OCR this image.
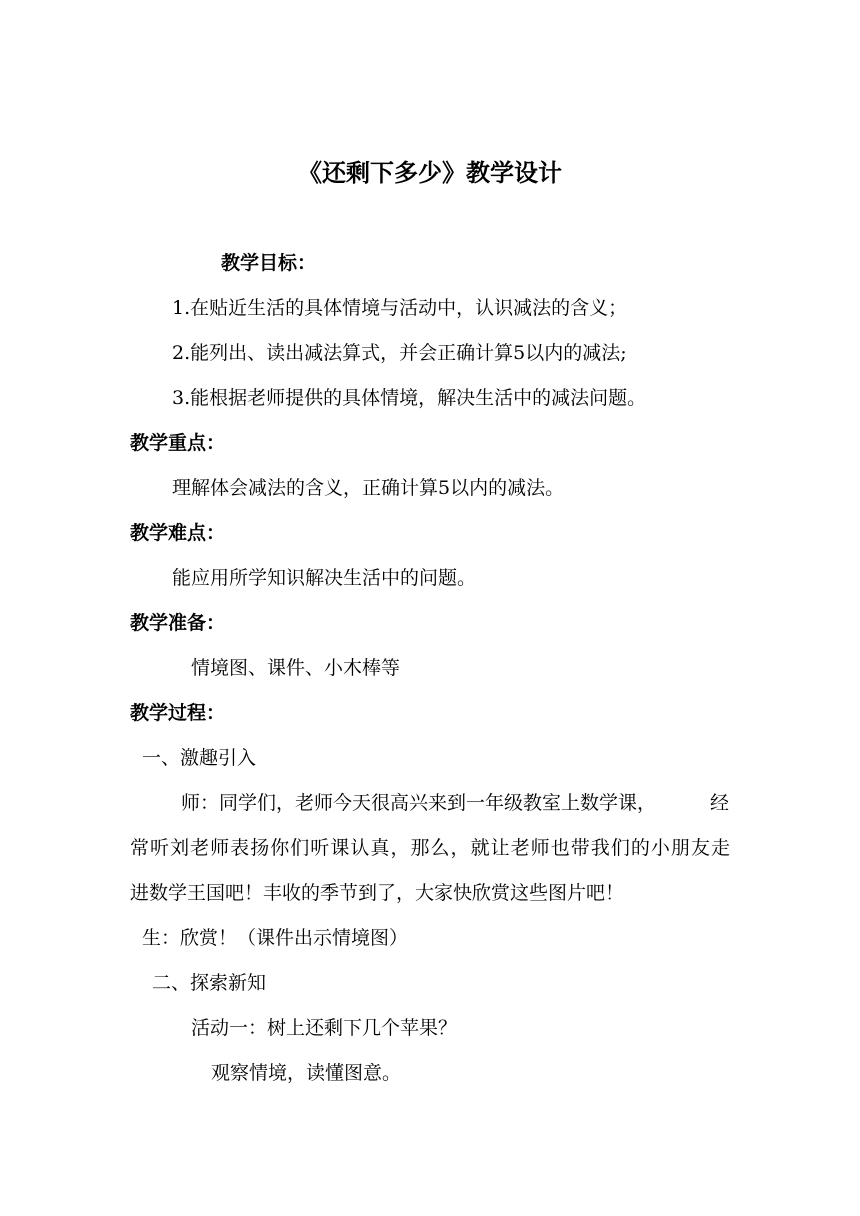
《还剩下多少》教学设计
教学目标：
1.在贴近生活的具体情境与活动中，认识减法的含义；
2.能列出、读出减法算式，并会正确计算5以内的减法;
3.能根据老师提供的具体情境，解决生活中的减法问题。
教学重点：
理解体会减法的含义，正确计算5以内的减法。
教学难点：
能应用所学知识解决生活中的问题。
教学准备：
情境图、课件、小木棒等
教学过程：
一、激趣引入
师：同学们，老师今天很高兴来到一年级教室上数学课，	经
常听刘老师表扬你们听课认真，那么，就让老师也带我们的小朋友走
进数学王国吧！丰收的季节到了，大家快欣赏这些图片吧！
生：欣赏！（课件出示情境图）
二、探索新知
活动一：树上还剩下几个苹果？
观察情境，读懂图意。
